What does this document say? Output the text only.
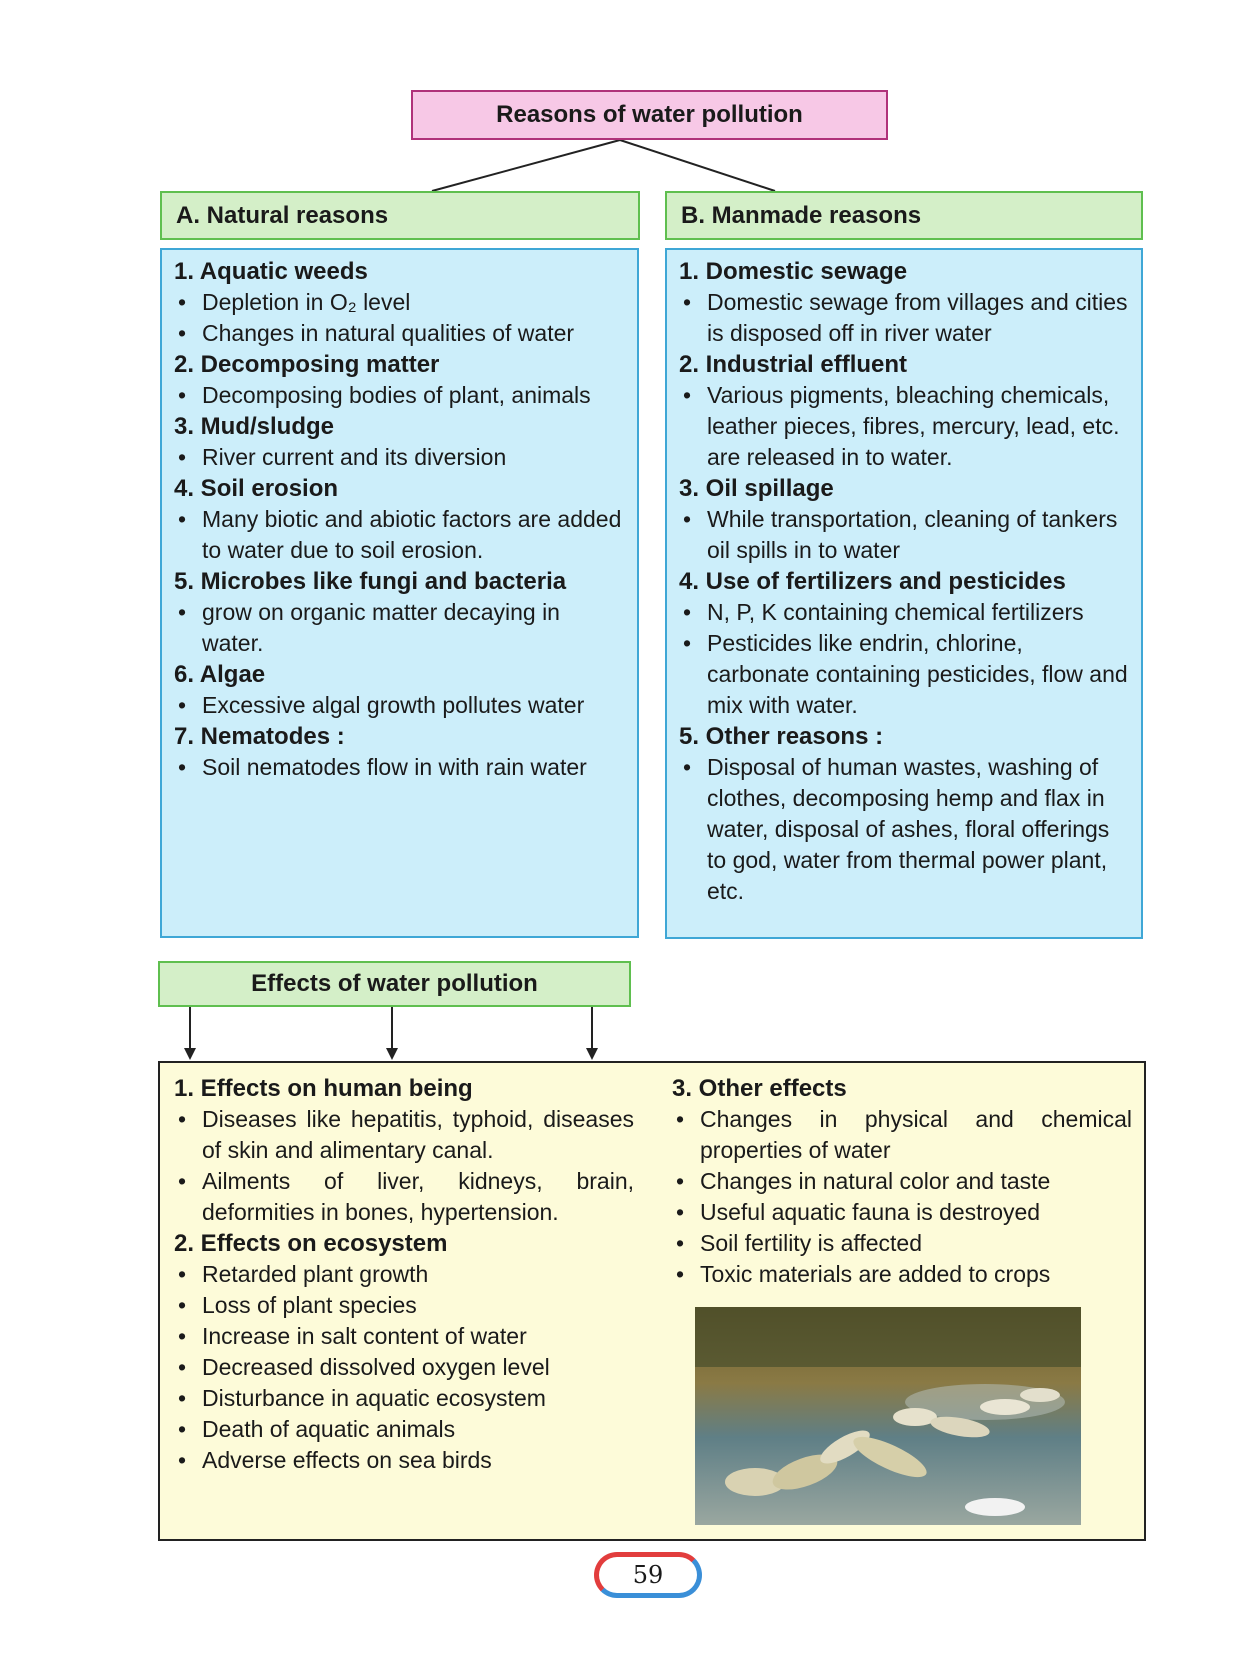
Reasons of water pollution
A. Natural reasons
1. Aquatic weeds
• Depletion in O₂ level
• Changes in natural qualities of water
2. Decomposing matter
• Decomposing bodies of plant, animals
3. Mud/sludge
• River current and its diversion
4. Soil erosion
• Many biotic and abiotic factors are added to water due to soil erosion.
5. Microbes like fungi and bacteria
• grow on organic matter decaying in water.
6. Algae
• Excessive algal growth pollutes water
7. Nematodes :
• Soil nematodes flow in with rain water
B. Manmade reasons
1. Domestic sewage
• Domestic sewage from villages and cities is disposed off in river water
2. Industrial effluent
• Various pigments, bleaching chemicals, leather pieces, fibres, mercury, lead, etc. are released in to water.
3. Oil spillage
• While transportation, cleaning of tankers oil spills in to water
4. Use of fertilizers and pesticides
• N, P, K containing chemical fertilizers
• Pesticides like endrin, chlorine, carbonate containing pesticides, flow and mix with water.
5. Other reasons :
• Disposal of human wastes, washing of clothes, decomposing hemp and flax in water, disposal of ashes, floral offerings to god, water from thermal power plant, etc.
Effects of water pollution
1. Effects on human being
• Diseases like hepatitis, typhoid, diseases of skin and alimentary canal.
• Ailments of liver, kidneys, brain, deformities in bones, hypertension.
2. Effects on ecosystem
• Retarded plant growth
• Loss of plant species
• Increase in salt content of water
• Decreased dissolved oxygen level
• Disturbance in aquatic ecosystem
• Death of aquatic animals
• Adverse effects on sea birds
3. Other effects
• Changes in physical and chemical properties of water
• Changes in natural color and taste
• Useful aquatic fauna is destroyed
• Soil fertility is affected
• Toxic materials are added to crops
59
